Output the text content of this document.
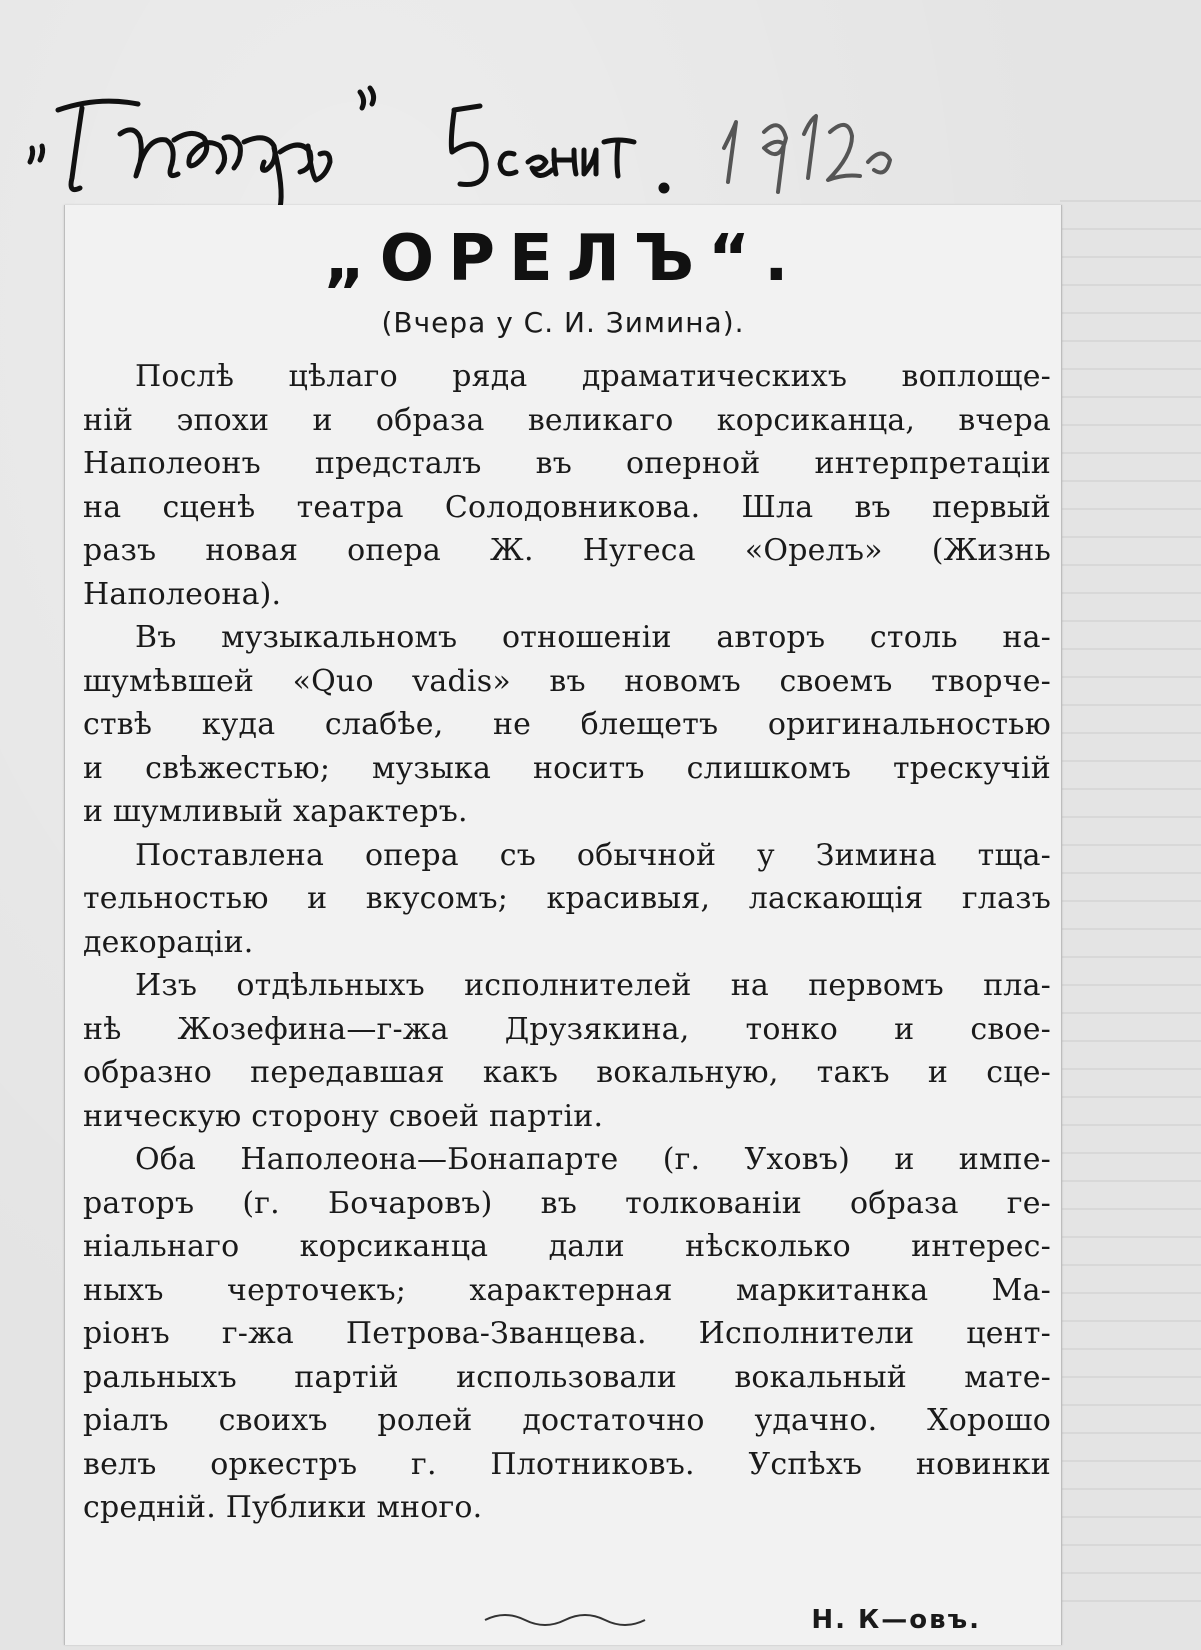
„ОРЕЛЪ“.
(Вчера у С. И. Зимина).

Послѣ цѣлаго ряда драматическихъ воплоще-
ній эпохи и образа великаго корсиканца, вчера
Наполеонъ предсталъ въ оперной интерпретаціи
на сценѣ театра Солодовникова. Шла въ первый
разъ новая опера Ж. Нугеса «Орелъ» (Жизнь
Наполеона).

Въ музыкальномъ отношеніи авторъ столь на-
шумѣвшей «Quo vadis» въ новомъ своемъ творче-
ствѣ куда слабѣе, не блещетъ оригинальностью
и свѣжестью; музыка носитъ слишкомъ трескучій
и шумливый характеръ.

Поставлена опера съ обычной у Зимина тща-
тельностью и вкусомъ; красивыя, ласкающія глазъ
декораціи.

Изъ отдѣльныхъ исполнителей на первомъ пла-
нѣ Жозефина—г-жа Друзякина, тонко и свое-
образно передавшая какъ вокальную, такъ и сце-
ническую сторону своей партіи.

Оба Наполеона—Бонапарте (г. Уховъ) и импе-
раторъ (г. Бочаровъ) въ толкованіи образа ге-
ніальнаго корсиканца дали нѣсколько интерес-
ныхъ черточекъ; характерная маркитанка Ма-
ріонъ г-жа Петрова-Званцева. Исполнители цент-
ральныхъ партій использовали вокальный мате-
ріалъ своихъ ролей достаточно удачно. Хорошо
велъ оркестръ г. Плотниковъ. Успѣхъ новинки
средній. Публики много.

Н. К—овъ.
